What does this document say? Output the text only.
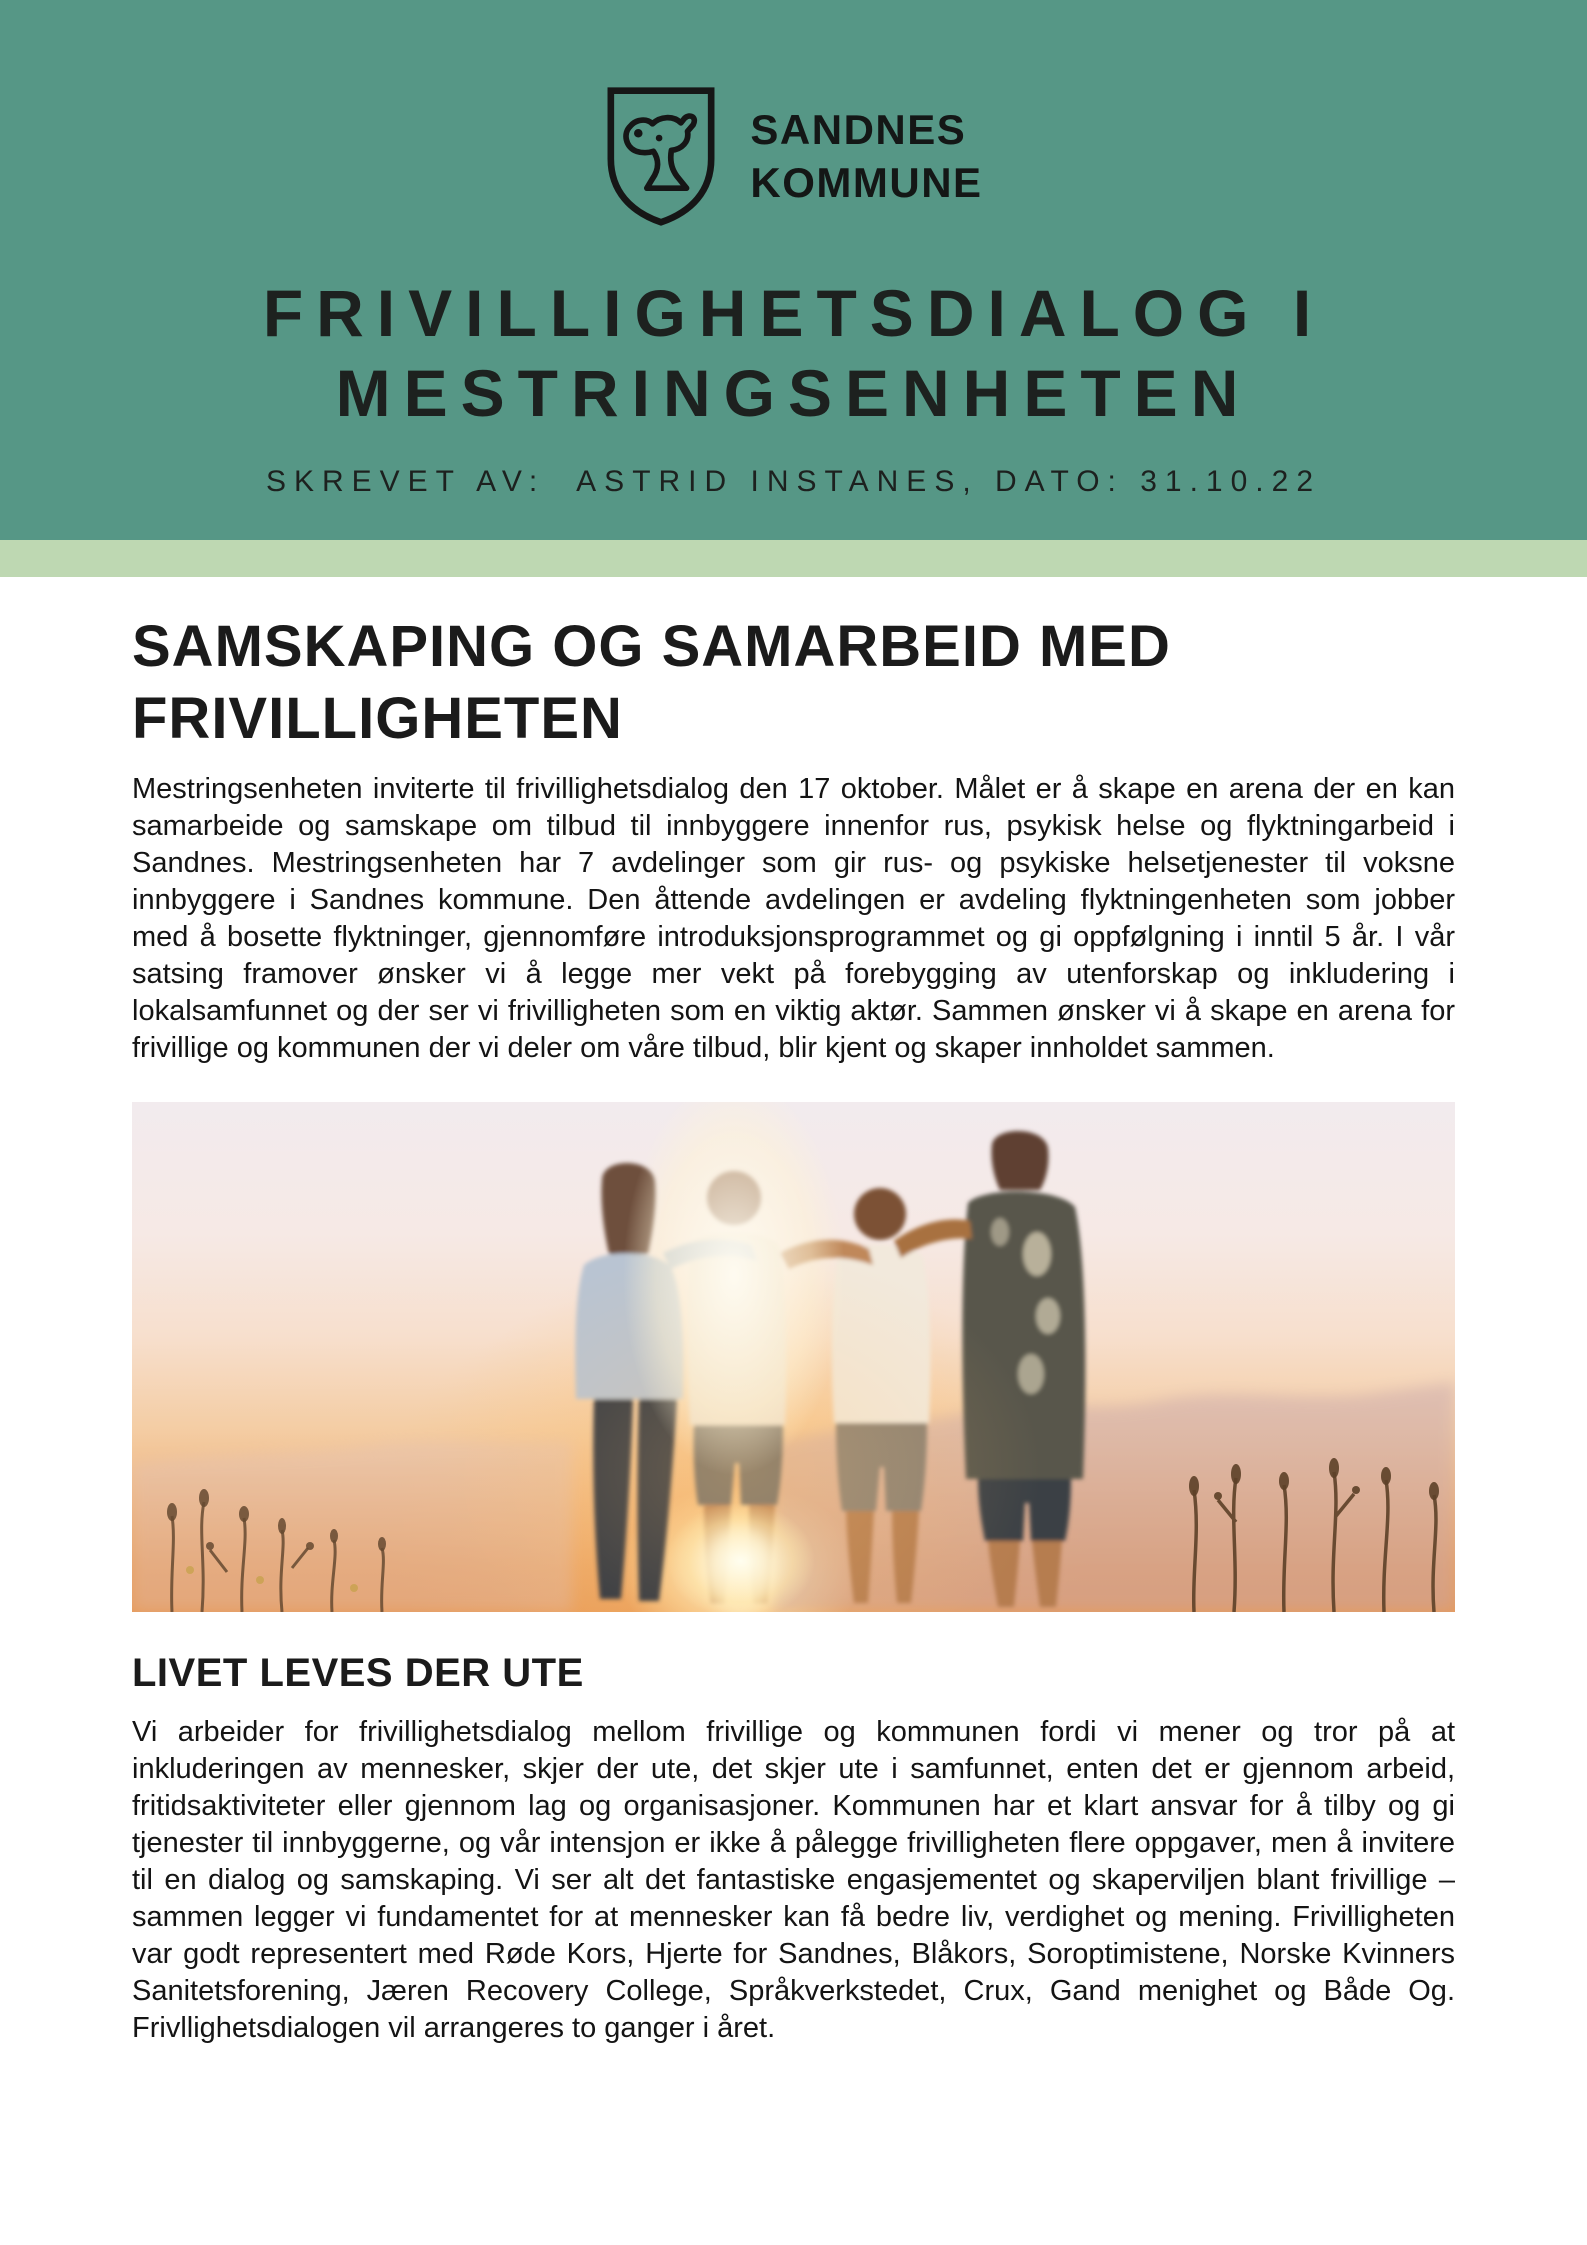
SANDNES
KOMMUNE
FRIVILLIGHETSDIALOG I
MESTRINGSENHETEN
SKREVET AV:  ASTRID INSTANES, DATO: 31.10.22
SAMSKAPING OG SAMARBEID MED FRIVILLIGHETEN

Mestringsenheten inviterte til frivillighetsdialog den 17 oktober. Målet er å skape en arena der en kan samarbeide og samskape om tilbud til innbyggere innenfor rus, psykisk helse og flyktningarbeid i Sandnes. Mestringsenheten har 7 avdelinger som gir rus- og psykiske helsetjenester til voksne innbyggere i Sandnes kommune. Den åttende avdelingen er avdeling flyktningenheten som jobber med å bosette flyktninger, gjennomføre introduksjonsprogrammet og gi oppfølgning i inntil 5 år. I vår satsing framover ønsker vi å legge mer vekt på forebygging av utenforskap og inkludering i lokalsamfunnet og der ser vi frivilligheten som en viktig aktør. Sammen ønsker vi å skape en arena for frivillige og kommunen der vi deler om våre tilbud, blir kjent og skaper innholdet sammen.

LIVET LEVES DER UTE

Vi arbeider for frivillighetsdialog mellom frivillige og kommunen fordi vi mener og tror på at inkluderingen av mennesker, skjer der ute, det skjer ute i samfunnet, enten det er gjennom arbeid, fritidsaktiviteter eller gjennom lag og organisasjoner. Kommunen har et klart ansvar for å tilby og gi tjenester til innbyggerne, og vår intensjon er ikke å pålegge frivilligheten flere oppgaver, men å invitere til en dialog og samskaping. Vi ser alt det fantastiske engasjementet og skaperviljen blant frivillige – sammen legger vi fundamentet for at mennesker kan få bedre liv, verdighet og mening. Frivilligheten var godt representert med Røde Kors, Hjerte for Sandnes, Blåkors, Soroptimistene, Norske Kvinners Sanitetsforening, Jæren Recovery College, Språkverkstedet, Crux, Gand menighet og Både Og. Frivllighetsdialogen vil arrangeres to ganger i året.
